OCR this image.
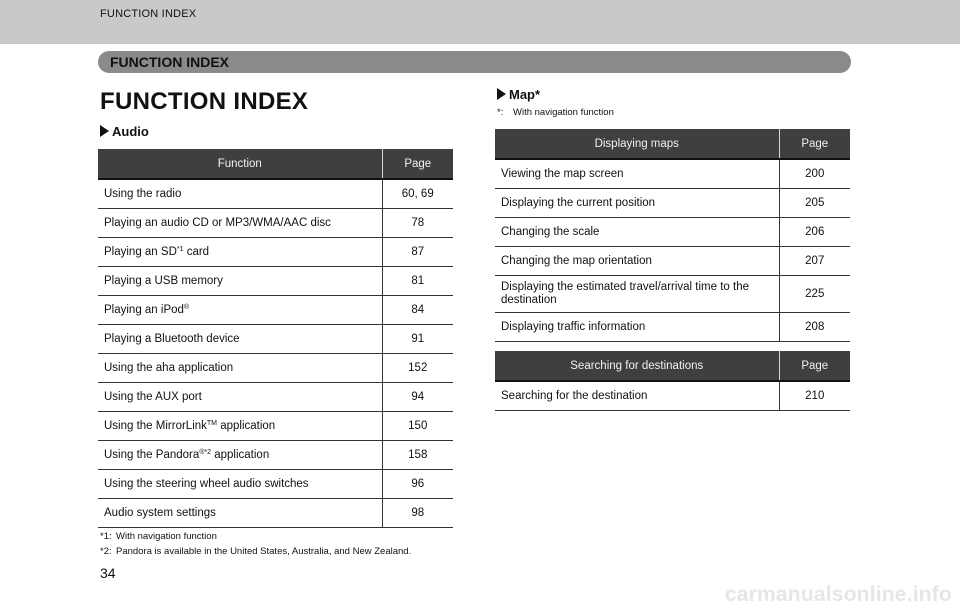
FUNCTION INDEX
FUNCTION INDEX
FUNCTION INDEX
Audio
Function	Page
Using the radio	60, 69
Playing an audio CD or MP3/WMA/AAC disc	78
Playing an SD$^{*1}$ card	87
Playing a USB memory	81
Playing an iPod®	84
Playing a Bluetooth device	91
Using the aha application	152
Using the AUX port	94
Using the MirrorLink™ application	150
Using the Pandora$^{®*2}$ application	158
Using the steering wheel audio switches	96
Audio system settings	98
*1: With navigation function
*2: Pandora is available in the United States, Australia, and New Zealand.
Map*
*: With navigation function
Displaying maps	Page
Viewing the map screen	200
Displaying the current position	205
Changing the scale	206
Changing the map orientation	207
Displaying the estimated travel/arrival time to the destination	225
Displaying traffic information	208
Searching for destinations	Page
Searching for the destination	210
34
carmanualsonline.info
